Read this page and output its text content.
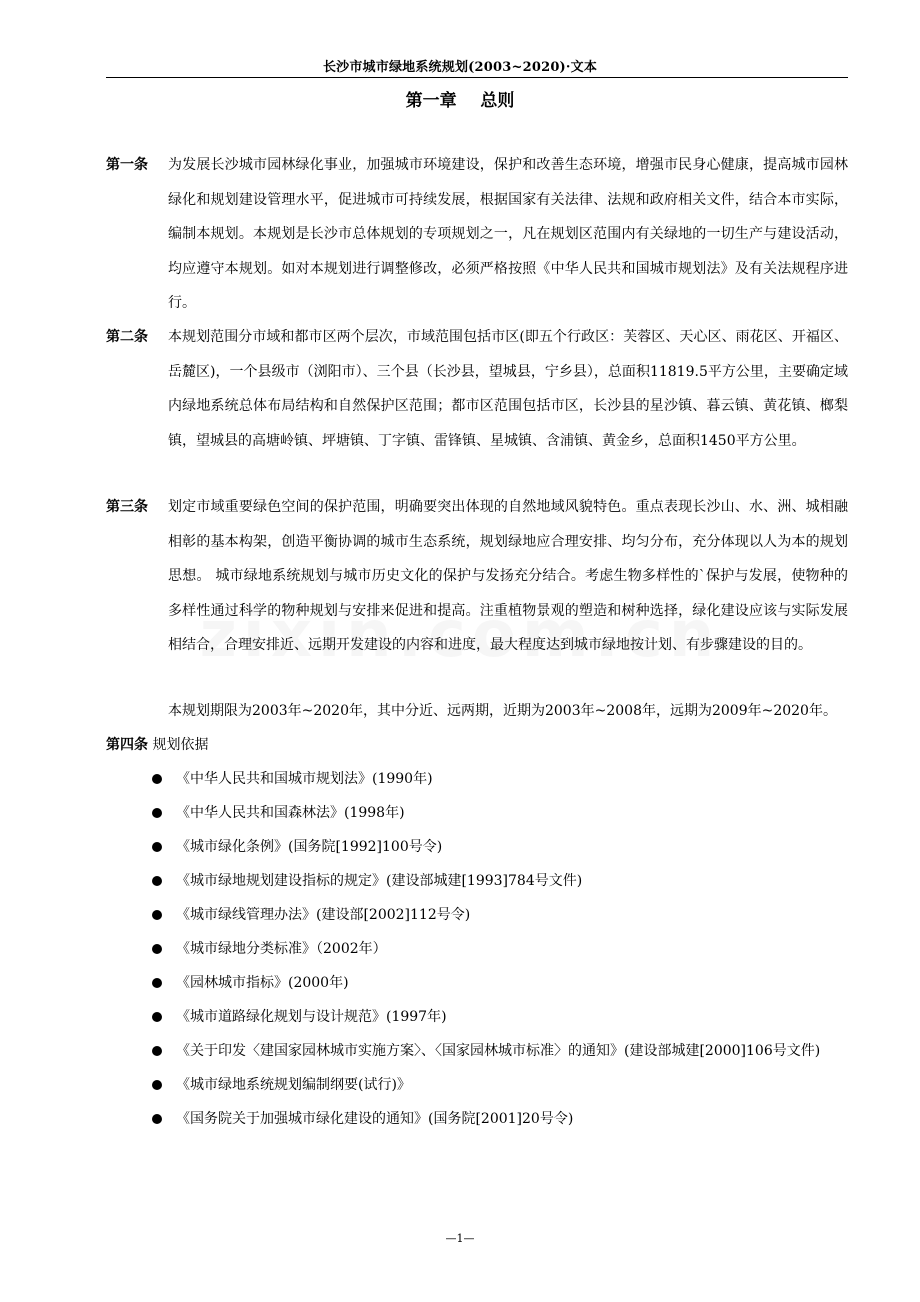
长沙市城市绿地系统规划(2003~2020)·文本
第一章    总则
第一条 为发展长沙城市园林绿化事业，加强城市环境建设，保护和改善生态环境，增强市民身心健康，提高城市园林绿化和规划建设管理水平，促进城市可持续发展，根据国家有关法律、法规和政府相关文件，结合本市实际，编制本规划。本规划是长沙市总体规划的专项规划之一，凡在规划区范围内有关绿地的一切生产与建设活动，均应遵守本规划。如对本规划进行调整修改，必须严格按照《中华人民共和国城市规划法》及有关法规程序进行。
第二条 本规划范围分市域和都市区两个层次，市域范围包括市区(即五个行政区：芙蓉区、天心区、雨花区、开福区、岳麓区)，一个县级市（浏阳市）、三个县（长沙县，望城县，宁乡县），总面积11819.5平方公里，主要确定域内绿地系统总体布局结构和自然保护区范围；都市区范围包括市区，长沙县的星沙镇、暮云镇、黄花镇、榔梨镇，望城县的高塘岭镇、坪塘镇、丁字镇、雷锋镇、星城镇、含浦镇、黄金乡，总面积1450平方公里。
第三条 划定市域重要绿色空间的保护范围，明确要突出体现的自然地域风貌特色。重点表现长沙山、水、洲、城相融相彰的基本构架，创造平衡协调的城市生态系统，规划绿地应合理安排、均匀分布，充分体现以人为本的规划思想。 城市绿地系统规划与城市历史文化的保护与发扬充分结合。考虑生物多样性的`保护与发展，使物种的多样性通过科学的物种规划与安排来促进和提高。注重植物景观的塑造和树种选择，绿化建设应该与实际发展相结合，合理安排近、远期开发建设的内容和进度，最大程度达到城市绿地按计划、有步骤建设的目的。
本规划期限为2003年~2020年，其中分近、远两期，近期为2003年~2008年，远期为2009年~2020年。
第四条 规划依据
《中华人民共和国城市规划法》(1990年)
《中华人民共和国森林法》(1998年)
《城市绿化条例》(国务院[1992]100号令)
《城市绿地规划建设指标的规定》(建设部城建[1993]784号文件)
《城市绿线管理办法》(建设部[2002]112号令)
《城市绿地分类标准》（2002年）
《园林城市指标》(2000年)
《城市道路绿化规划与设计规范》(1997年)
《关于印发〈建国家园林城市实施方案〉、〈国家园林城市标准〉的通知》(建设部城建[2000]106号文件)
《城市绿地系统规划编制纲要(试行)》
《国务院关于加强城市绿化建设的通知》(国务院[2001]20号令)
—1—
